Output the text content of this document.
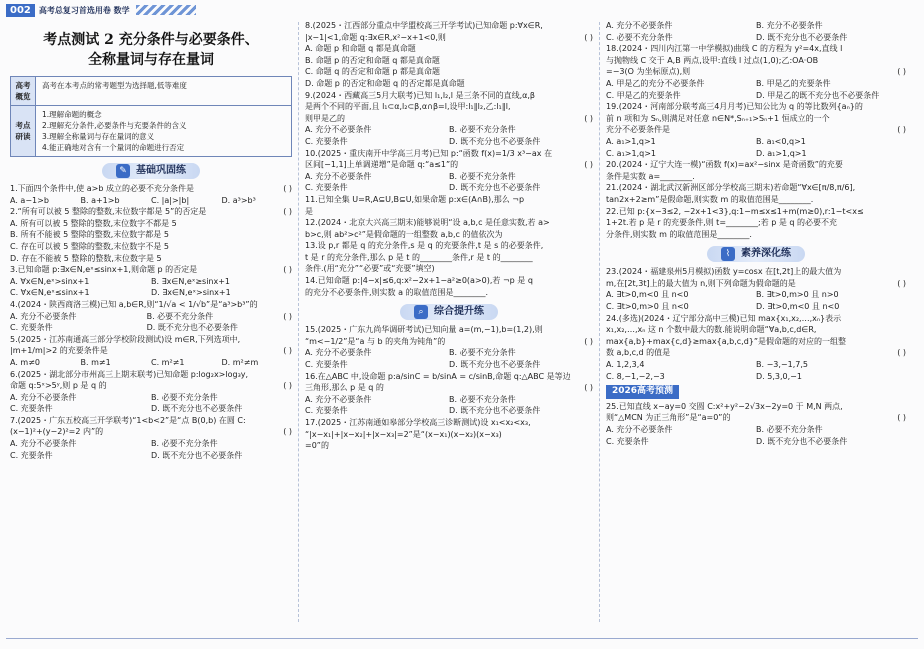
002	高考总复习首选用卷 数学
考点测试 2 充分条件与必要条件、
全称量词与存在量词
高考概览
高考在本考点的常考题型为选择题,低等难度
考点研读
1.理解命题的概念
2.理解充分条件,必要条件与充要条件的含义
3.理解全称量词与存在量词的意义
4.能正确地对含有一个量词的命题进行否定
✎ 基础巩固练
( )
1.下面四个条件中,使 a>b 成立的必要不充分条件是
A. a−1>b	B. a+1>b	C. |a|>|b|	D. a³>b³
( )
2.“所有可以被 5 整除的整数,末位数字都是 5”的否定是
A. 所有可以被 5 整除的整数,末位数字不都是 5
B. 所有不能被 5 整除的整数,末位数字都是 5
C. 存在可以被 5 整除的整数,末位数字不是 5
D. 存在不能被 5 整除的整数,末位数字是 5
( )
3.已知命题 p:∃x∈N,eˣ≤sinx+1,则命题 p 的否定是
A. ∀x∈N,eˣ>sinx+1	B. ∃x∈N,eˣ≥sinx+1
C. ∀x∈N,eˣ≤sinx+1	D. ∃x∈N,eˣ>sinx+1
4.(2024・陕西商洛三模)已知 a,b∈R,则“1/√a < 1/√b”是“a³>b³”的
( )
A. 充分不必要条件	B. 必要不充分条件
C. 充要条件	D. 既不充分也不必要条件
5.(2025・江苏南通高三部分学校阶段测试)设 m∈R,下列选项中,
( )
|m+1/m|>2 的充要条件是
A. m≠0	B. m≠1	C. m²≠1	D. m²≠m
6.(2025・湖北部分市州高三上期末联考)已知命题 p:log₂x>log₃y,
( )
命题 q:5ˣ>5ʸ,则 p 是 q 的
A. 充分不必要条件	B. 必要不充分条件
C. 充要条件	D. 既不充分也不必要条件
7.(2025・广东五校高三开学联考)“1<b<2”是“点 B(0,b) 在圆 C:
( )
(x−1)²+(y−2)²=2 内”的
A. 充分不必要条件	B. 必要不充分条件
C. 充要条件	D. 既不充分也不必要条件
8.(2025・江西部分重点中学盟校高三开学考试)已知命题 p:∀x∈R,
( )
|x−1|<1,命题 q:∃x∈R,x²−x+1<0,则
A. 命题 p 和命题 q 都是真命题
B. 命题 p 的否定和命题 q 都是真命题
C. 命题 q 的否定和命题 p 都是真命题
D. 命题 p 的否定和命题 q 的否定都是真命题
9.(2024・西藏高三5月大联考)已知 l₁,l₂,l 是三条不同的直线,α,β
是两个不同的平面,且 l₁⊂α,l₂⊂β,α∩β=l,设甲:l₁∥l₂,乙:l₁∥l,
( )
则甲是乙的
A. 充分不必要条件	B. 必要不充分条件
C. 充要条件	D. 既不充分也不必要条件
10.(2025・重庆南开中学高三月考)已知 p:“函数 f(x)=1/3 x³−ax 在
( )
区间[−1,1]上单调递增”是命题 q:“a≤1”的
A. 充分不必要条件	B. 必要不充分条件
C. 充要条件	D. 既不充分也不必要条件
11.已知全集 U=R,A⊆U,B⊆U,如果命题 p:x∈(A∩B),那么 ¬p
是
12.(2024・北京大兴高三期末)能够说明“设 a,b,c 是任意实数,若 a>
b>c,则 ab²>c²”是假命题的一组整数 a,b,c 的值依次为
13.设 p,r 都是 q 的充分条件,s 是 q 的充要条件,t 是 s 的必要条件,
t 是 r 的充分条件,那么 p 是 t 的________条件,r 是 t 的________
条件.(用“充分”“必要”或“充要”填空)
14.已知命题 p:|4−x|≤6,q:x²−2x+1−a²≥0(a>0),若 ¬p 是 q
的充分不必要条件,则实数 a 的取值范围是________.
⌕	综合提升练
15.(2025・广东九尚华调研考试)已知向量 a=(m,−1),b=(1,2),则
( )
“m<−1/2”是“a 与 b 的夹角为钝角”的
A. 充分不必要条件	B. 必要不充分条件
C. 充要条件	D. 既不充分也不必要条件
16.在△ABC 中,设命题 p:a/sinC = b/sinA = c/sinB,命题 q:△ABC 是等边
( )
三角形,那么 p 是 q 的
A. 充分不必要条件	B. 必要不充分条件
C. 充要条件	D. 既不充分也不必要条件
17.(2025・江苏南通如皋部分学校高三诊断测试)设 x₁<x₂<x₃,
“|x−x₁|+|x−x₂|+|x−x₃|=2”是“(x−x₁)(x−x₂)(x−x₃)
=0”的
A. 充分不必要条件	B. 充分不必要条件
C. 必要不充分条件	D. 既不充分也不必要条件
18.(2024・四川内江第一中学模拟)曲线 C 的方程为 y²=4x,直线 l
与抛物线 C 交于 A,B 两点,设甲:直线 l 过点(1,0);乙:OA·OB
( )
=−3(O 为坐标原点),则
A. 甲是乙的充分不必要条件	B. 甲是乙的充要条件
C. 甲是乙的充要条件	D. 甲是乙的既不充分也不必要条件
19.(2024・河南部分联考高三4月月考)已知公比为 q 的等比数列{aₙ}的
前 n 项和为 Sₙ,则满足对任意 n∈N*,Sₙ₊₁>Sₙ+1 恒成立的一个
( )
充分不必要条件是
A. a₁>1,q>1	B. a₁<0,q>1
C. a₁>1,q>1	D. a₁>1,q>1
20.(2024・辽宁大连一模)“函数 f(x)=ax²−sinx 是奇函数”的充要
条件是实数 a=________.
21.(2024・湖北武汉新洲区部分学校高三期末)若命题“∀x∈[π/8,π/6],
tan2x+2≥m”是假命题,则实数 m 的取值范围是________.
22.已知 p:{x−3≤2, −2x+1<3},q:1−m≤x≤1+m(m≥0),r:1−t<x≤
1+2t.若 p 是 r 的充要条件,则 t=________;若 p 是 q 的必要不充
分条件,则实数 m 的取值范围是________.
⌇	素养深化练
23.(2024・福建泉州5月模拟)函数 y=cosx 在[t,2t]上的最大值为
( )
m,在[2t,3t]上的最大值为 n,则下列命题为假命题的是
A. ∃t>0,m<0 且 n<0	B. ∃t>0,m>0 且 n>0
C. ∃t>0,m>0 且 n<0	D. ∃t>0,m<0 且 n<0
24.(多选)(2024・辽宁部分高中三模)已知 max{x₁,x₂,…,xₙ}表示
x₁,x₂,…,xₙ 这 n 个数中最大的数.能说明命题“∀a,b,c,d∈R,
max{a,b}+max{c,d}≥max{a,b,c,d}”是假命题的对应的一组整
( )
数 a,b,c,d 的值是
A. 1,2,3,4	B. −3,−1,7,5
C. 8,−1,−2,−3	D. 5,3,0,−1
2026高考预测
25.已知直线 x−ay=0 交圆 C:x²+y²−2√3x−2y=0 于 M,N 两点,
( )
则“△MCN 为正三角形”是“a=0”的
A. 充分不必要条件	B. 必要不充分条件
C. 充要条件	D. 既不充分也不必要条件
